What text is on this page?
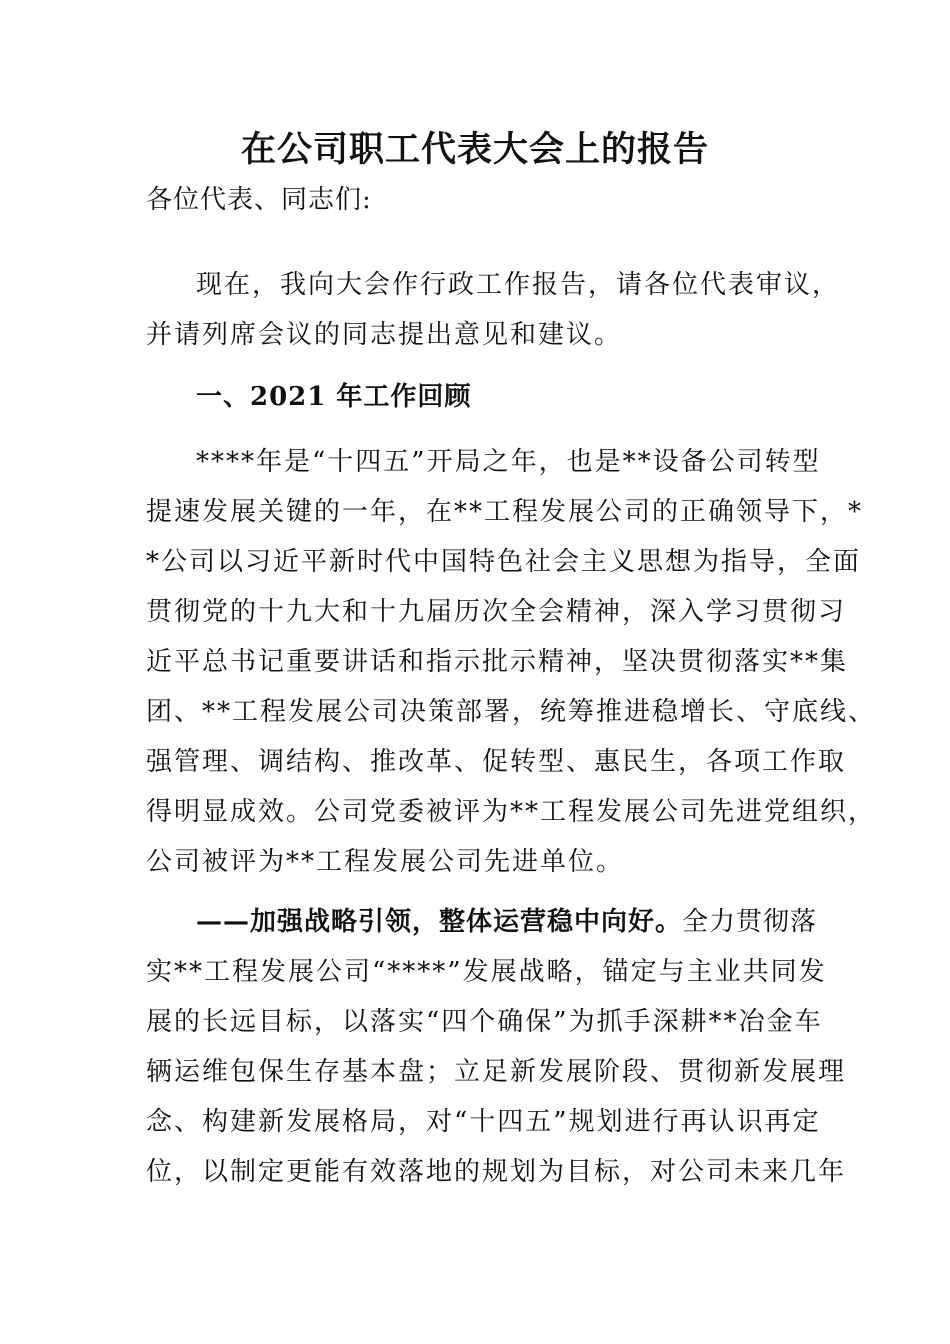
在公司职工代表大会上的报告
各位代表、同志们:
现在，我向大会作行政工作报告，请各位代表审议，
并请列席会议的同志提出意见和建议。
一、2021 年工作回顾
****年是“十四五”开局之年，也是**设备公司转型
提速发展关键的一年，在**工程发展公司的正确领导下，*
*公司以习近平新时代中国特色社会主义思想为指导，全面
贯彻党的十九大和十九届历次全会精神，深入学习贯彻习
近平总书记重要讲话和指示批示精神，坚决贯彻落实**集
团、**工程发展公司决策部署，统筹推进稳增长、守底线、
强管理、调结构、推改革、促转型、惠民生，各项工作取
得明显成效。公司党委被评为**工程发展公司先进党组织，
公司被评为**工程发展公司先进单位。
——加强战略引领，整体运营稳中向好。全力贯彻落
实**工程发展公司“****”发展战略，锚定与主业共同发
展的长远目标，以落实“四个确保”为抓手深耕**冶金车
辆运维包保生存基本盘；立足新发展阶段、贯彻新发展理
念、构建新发展格局，对“十四五”规划进行再认识再定
位，以制定更能有效落地的规划为目标，对公司未来几年
